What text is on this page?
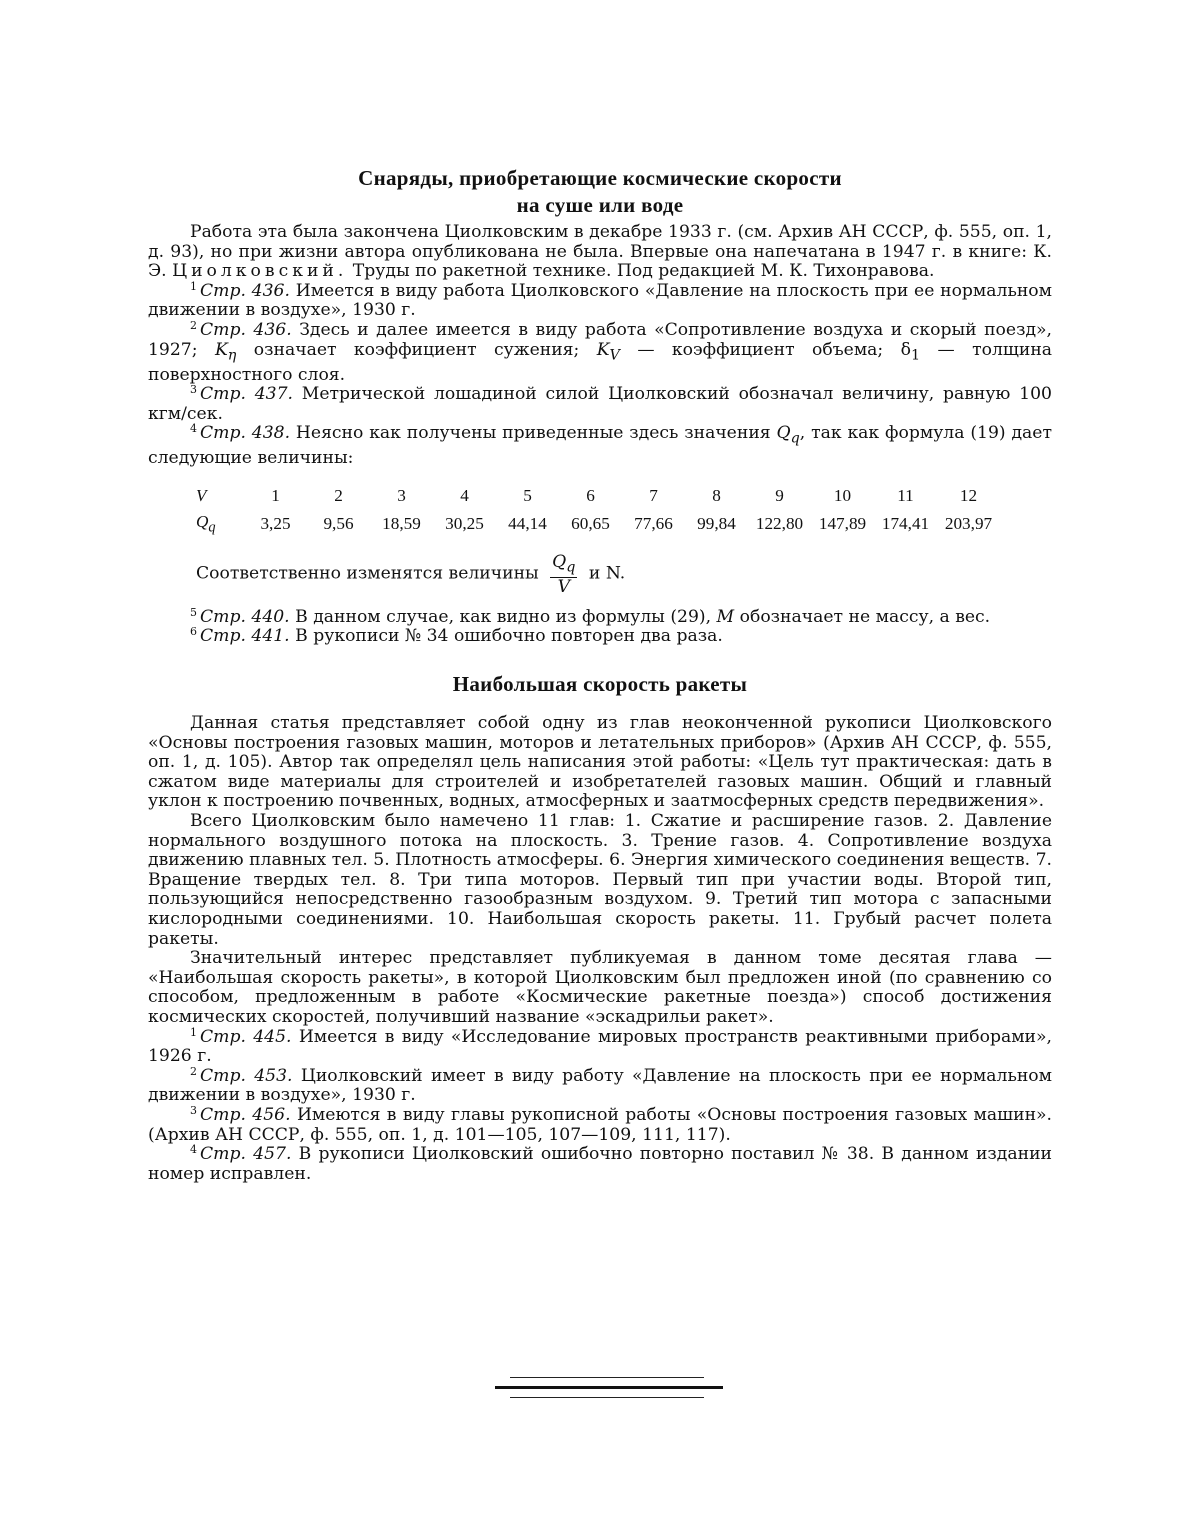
Снаряды, приобретающие космические скорости
на суше или воде

Работа эта была закончена Циолковским в декабре 1933 г. (см. Архив АН СССР, ф. 555, оп. 1, д. 93), но при жизни автора опубликована не была. Впервые она напечатана в 1947 г. в книге: К. Э. Циолковский. Труды по ракетной технике. Под редакцией М. К. Тихонравова.

$^1$ Стр. 436. Имеется в виду работа Циолковского «Давление на плоскость при ее нормальном движении в воздухе», 1930 г.

$^2$ Стр. 436. Здесь и далее имеется в виду работа «Сопротивление воздуха и скорый поезд», 1927; $K_\eta$ означает коэффициент сужения; $K_V$ — коэффициент объема; $\delta_1$ — толщина поверхностного слоя.

$^3$ Стр. 437. Метрической лошадиной силой Циолковский обозначал величину, равную 100 кгм/сек.

$^4$ Стр. 438. Неясно как получены приведенные здесь значения $Q_q$, так как формула (19) дает следующие величины:

V	1	2	3	4	5	6	7	8	9	10	11	12
$Q_q$	3,25	9,56	18,59	30,25	44,14	60,65	77,66	99,84	122,80	147,89	174,41	203,97

Соответственно изменятся величины $\frac{Q_q}{V}$ и N.

$^5$ Стр. 440. В данном случае, как видно из формулы (29), M обозначает не массу, а вес.

$^6$ Стр. 441. В рукописи № 34 ошибочно повторен два раза.

Наибольшая скорость ракеты

Данная статья представляет собой одну из глав неоконченной рукописи Циолковского «Основы построения газовых машин, моторов и летательных приборов» (Архив АН СССР, ф. 555, оп. 1, д. 105). Автор так определял цель написания этой работы: «Цель тут практическая: дать в сжатом виде материалы для строителей и изобретателей газовых машин. Общий и главный уклон к построению почвенных, водных, атмосферных и заатмосферных средств передвижения».

Всего Циолковским было намечено 11 глав: 1. Сжатие и расширение газов. 2. Давление нормального воздушного потока на плоскость. 3. Трение газов. 4. Сопротивление воздуха движению плавных тел. 5. Плотность атмосферы. 6. Энергия химического соединения веществ. 7. Вращение твердых тел. 8. Три типа моторов. Первый тип при участии воды. Второй тип, пользующийся непосредственно газообразным воздухом. 9. Третий тип мотора с запасными кислородными соединениями. 10. Наибольшая скорость ракеты. 11. Грубый расчет полета ракеты.

Значительный интерес представляет публикуемая в данном томе десятая глава — «Наибольшая скорость ракеты», в которой Циолковским был предложен иной (по сравнению со способом, предложенным в работе «Космические ракетные поезда») способ достижения космических скоростей, получивший название «эскадрильи ракет».

$^1$ Стр. 445. Имеется в виду «Исследование мировых пространств реактивными приборами», 1926 г.

$^2$ Стр. 453. Циолковский имеет в виду работу «Давление на плоскость при ее нормальном движении в воздухе», 1930 г.

$^3$ Стр. 456. Имеются в виду главы рукописной работы «Основы построения газовых машин». (Архив АН СССР, ф. 555, оп. 1, д. 101—105, 107—109, 111, 117).

$^4$ Стр. 457. В рукописи Циолковский ошибочно повторно поставил № 38. В данном издании номер исправлен.
